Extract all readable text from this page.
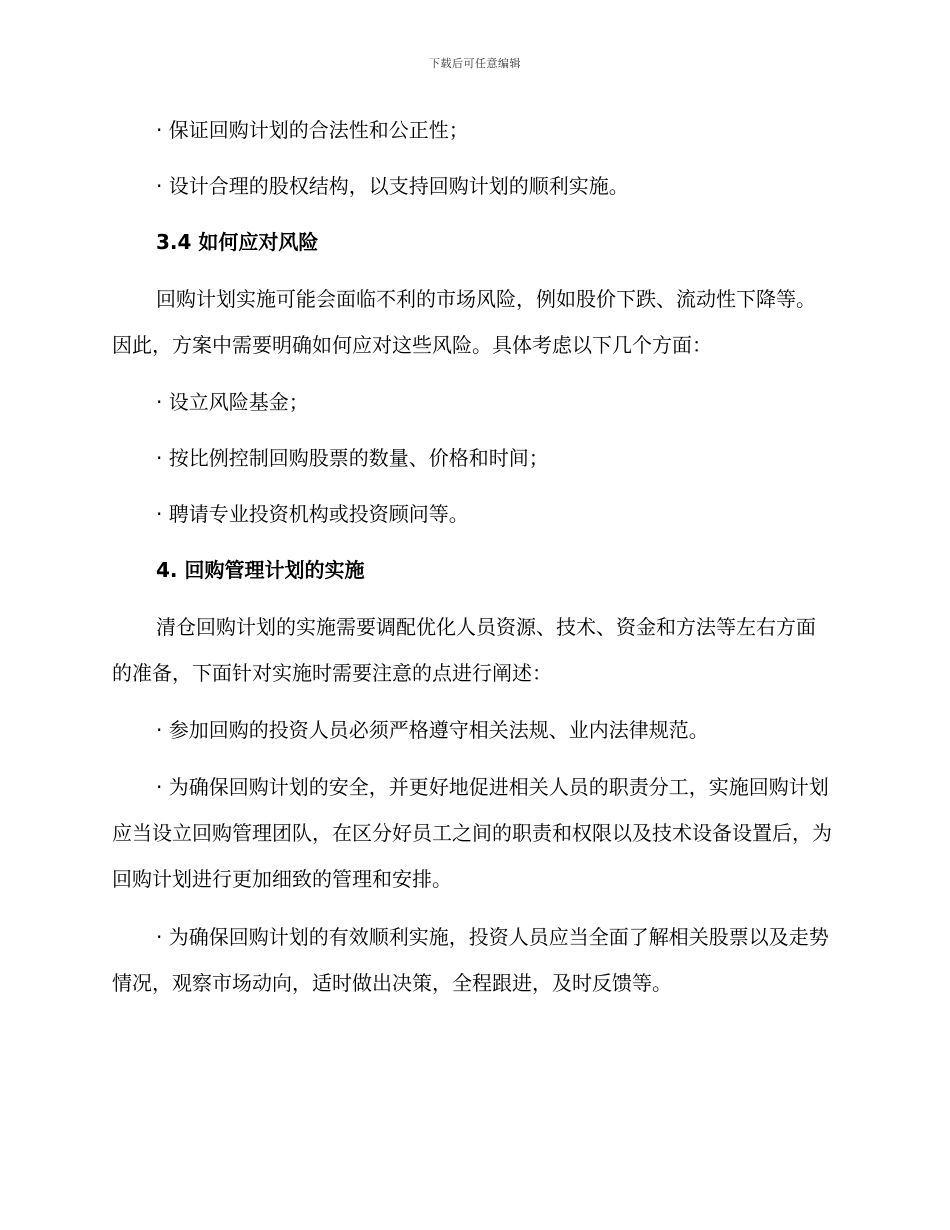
下载后可任意编辑

· 保证回购计划的合法性和公正性；

· 设计合理的股权结构，以支持回购计划的顺利实施。

3.4 如何应对风险

回购计划实施可能会面临不利的市场风险，例如股价下跌、流动性下降等。因此，方案中需要明确如何应对这些风险。具体考虑以下几个方面：

· 设立风险基金；

· 按比例控制回购股票的数量、价格和时间；

· 聘请专业投资机构或投资顾问等。

4. 回购管理计划的实施

清仓回购计划的实施需要调配优化人员资源、技术、资金和方法等左右方面的准备，下面针对实施时需要注意的点进行阐述：

· 参加回购的投资人员必须严格遵守相关法规、业内法律规范。

· 为确保回购计划的安全，并更好地促进相关人员的职责分工，实施回购计划应当设立回购管理团队，在区分好员工之间的职责和权限以及技术设备设置后，为回购计划进行更加细致的管理和安排。

· 为确保回购计划的有效顺利实施，投资人员应当全面了解相关股票以及走势情况，观察市场动向，适时做出决策，全程跟进，及时反馈等。
